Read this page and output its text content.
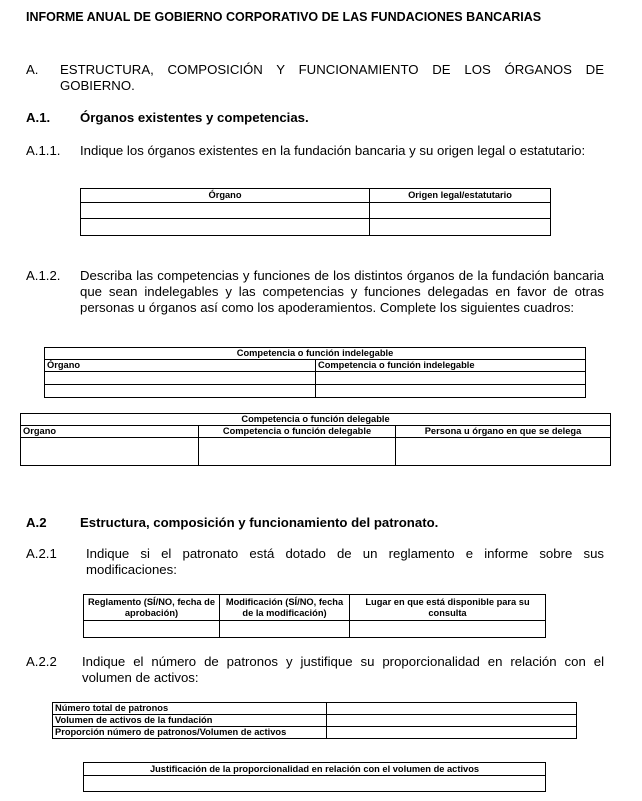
INFORME ANUAL DE GOBIERNO CORPORATIVO DE LAS FUNDACIONES BANCARIAS
A. ESTRUCTURA, COMPOSICIÓN Y FUNCIONAMIENTO DE LOS ÓRGANOS DE GOBIERNO.
A.1. Órganos existentes y competencias.
A.1.1. Indique los órganos existentes en la fundación bancaria y su origen legal o estatutario:
Órgano	Origen legal/estatutario

A.1.2. Describa las competencias y funciones de los distintos órganos de la fundación bancaria que sean indelegables y las competencias y funciones delegadas en favor de otras personas u órganos así como los apoderamientos. Complete los siguientes cuadros:
Competencia o función indelegable	
Órgano	Competencia o función indelegable

Competencia o función delegable		
Organo	Competencia o función delegable	Persona u órgano en que se delega

A.2	Estructura, composición y funcionamiento del patronato.
A.2.1 Indique si el patronato está dotado de un reglamento e informe sobre sus modificaciones:
Reglamento (SÍ/NO, fecha de aprobación)	Modificación (SÍ/NO, fecha de la modificación)	Lugar en que está disponible para su consulta

A.2.2 Indique el número de patronos y justifique su proporcionalidad en relación con el volumen de activos:
Número total de patronos	
Volumen de activos de la fundación	
Proporción número de patronos/Volumen de activos	
Justificación de la proporcionalidad en relación con el volumen de activos
